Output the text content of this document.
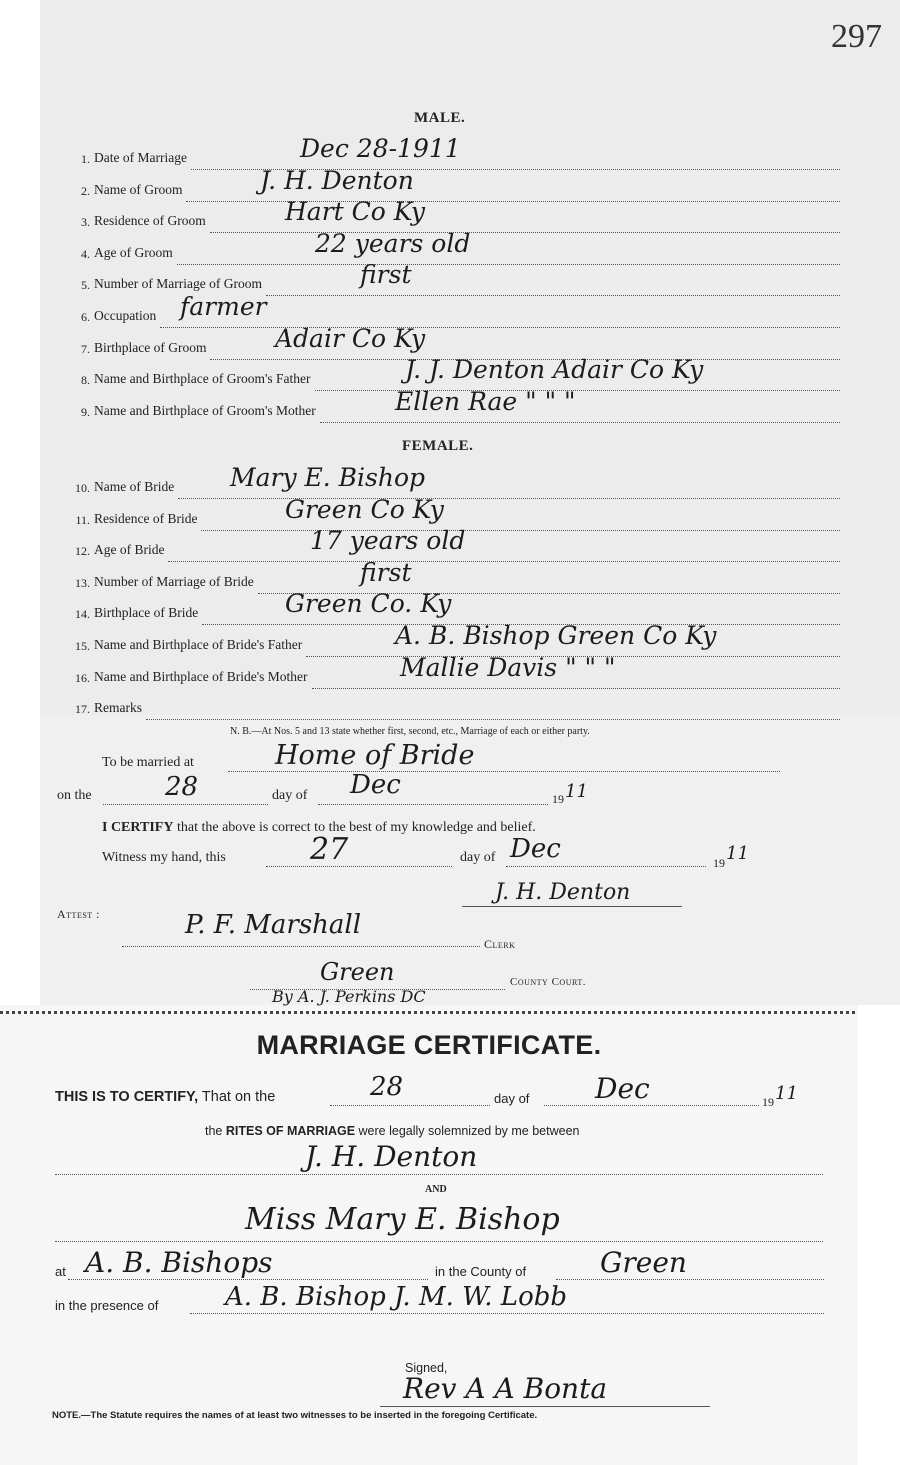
297
MALE.
1. Date of Marriage	Dec 28-1911
2. Name of Groom	J. H. Denton
3. Residence of Groom	Hart Co Ky
4. Age of Groom	22 years old
5. Number of Marriage of Groom	first
6. Occupation farmer
7. Birthplace of Groom	Adair Co Ky
8. Name and Birthplace of Groom's Father	J. J. Denton Adair Co Ky
9. Name and Birthplace of Groom's Mother	Ellen Rae " " "
FEMALE.
10. Name of Bride Mary E. Bishop
11. Residence of Bride	Green Co Ky
12. Age of Bride	17 years old
13. Number of Marriage of Bride	first
14. Birthplace of Bride	Green Co. Ky
15. Name and Birthplace of Bride's Father	A. B. Bishop Green Co Ky
16. Name and Birthplace of Bride's Mother	Mallie Davis " " "
17. Remarks
N. B.—At Nos. 5 and 13 state whether first, second, etc., Marriage of each or either party.
To be married at	Home of Bride
on the	28	day of Dec	19 11
I CERTIFY that the above is correct to the best of my knowledge and belief.
Witness my hand, this	27	day of Dec	19 11
J. H. Denton
Attest :	P. F. Marshall
Clerk
Green	County Court.
By A. J. Perkins DC
MARRIAGE CERTIFICATE.
THIS IS TO CERTIFY, That on the	28	day of Dec	19 11
the RITES OF MARRIAGE were legally solemnized by me between
J. H. Denton
AND
Miss Mary E. Bishop
at A. B. Bishops	in the County of	Green
in the presence of	A. B. Bishop J. M. W. Lobb
Signed,
Rev A A Bonta
NOTE.—The Statute requires the names of at least two witnesses to be inserted in the foregoing Certificate.
